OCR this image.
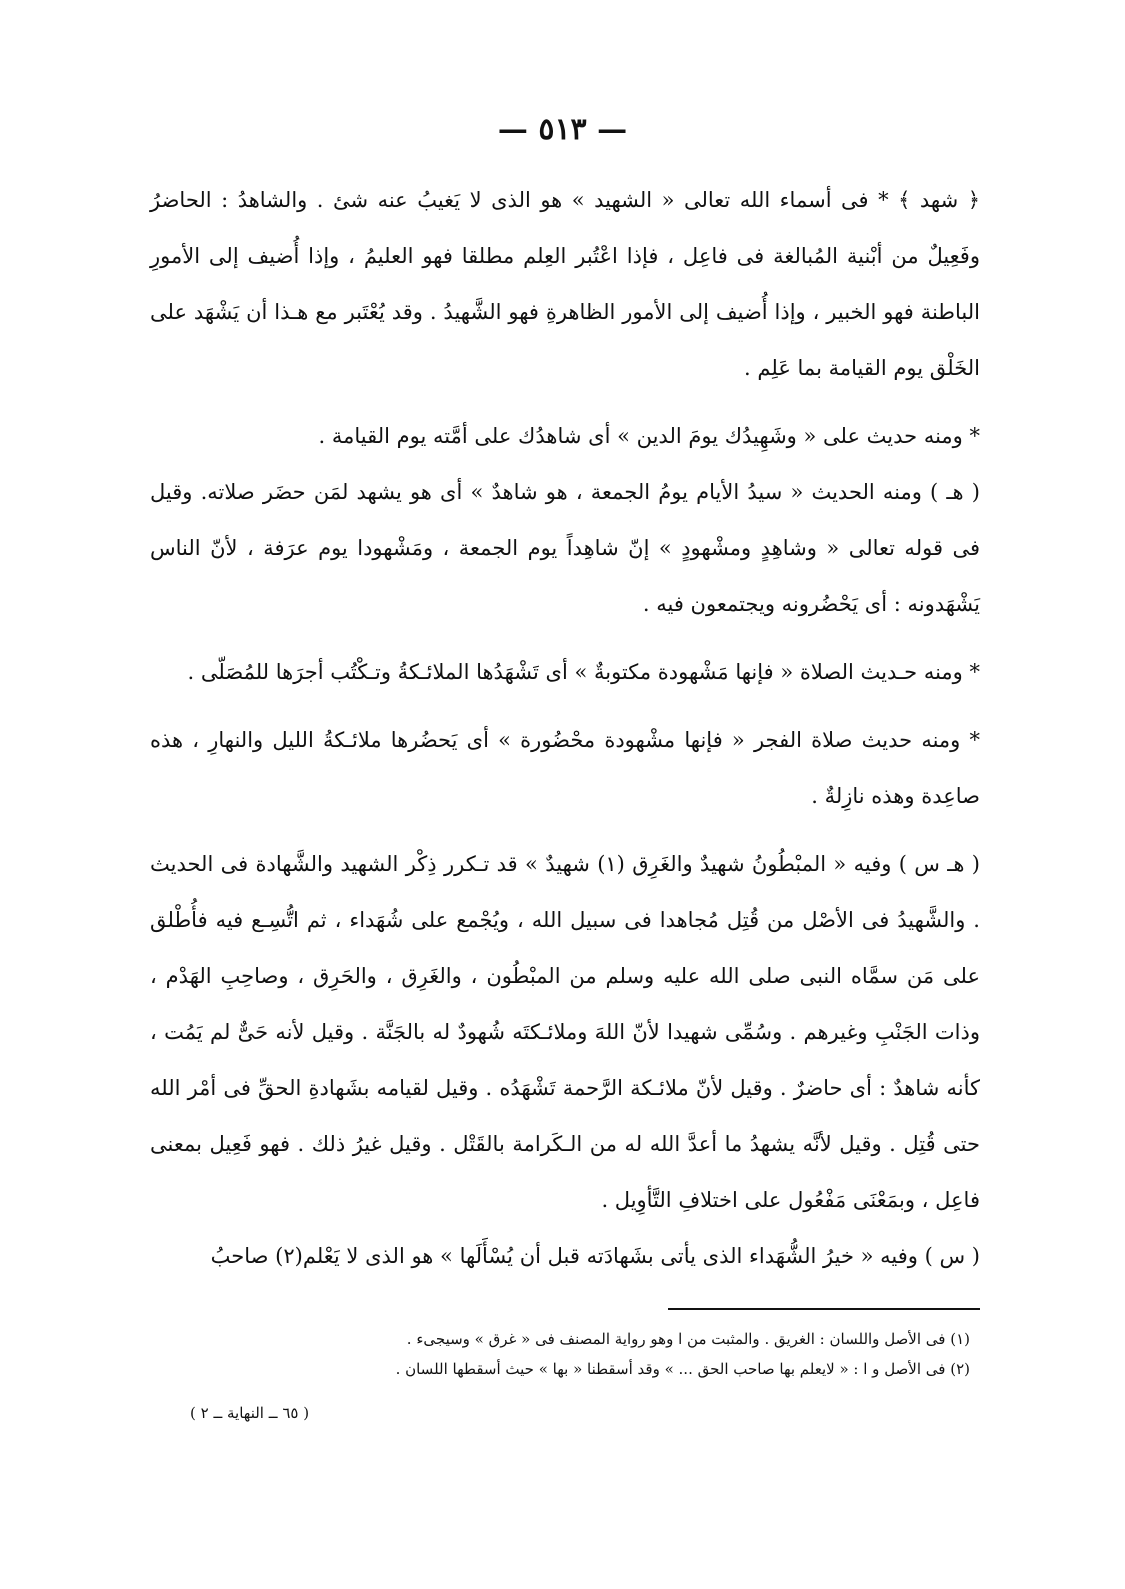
— ٥١٣ —

﴿ شهد ﴾ * فى أسماء الله تعالى « الشهيد » هو الذى لا يَغيبُ عنه شئ . والشاهدُ : الحاضرُ وفَعِيلٌ من أبْنية المُبالغة فى فاعِل ، فإذا اعْتُبر العِلم مطلقا فهو العليمُ ، وإذا أُضيف إلى الأمورِ الباطنة فهو الخبير ، وإذا أُضيف إلى الأمور الظاهرةِ فهو الشَّهيدُ . وقد يُعْتَبر مع هـذا أن يَشْهَد على الخَلْق يوم القيامة بما عَلِم .

* ومنه حديث على « وشَهِيدُك يومَ الدين » أى شاهدُك على أمَّته يوم القيامة .

( هـ ) ومنه الحديث « سيدُ الأيام يومُ الجمعة ، هو شاهدٌ » أى هو يشهد لمَن حضَر صلاته. وقيل فى قوله تعالى « وشاهِدٍ ومشْهودٍ » إنّ شاهِداً يوم الجمعة ، ومَشْهودا يوم عرَفة ، لأنّ الناس يَشْهَدونه : أى يَحْضُرونه ويجتمعون فيه .

* ومنه حـديث الصلاة « فإنها مَشْهودة مكتوبةٌ » أى تَشْهَدُها الملائـكةُ وتـكْتُب أجرَها للمُصَلّى .

* ومنه حديث صلاة الفجر « فإنها مشْهودة محْضُورة » أى يَحضُرها ملائـكةُ الليل والنهارِ ، هذه صاعِدة وهذه نازِلةٌ .

( هـ س ) وفيه « المبْطُونُ شهيدٌ والغَرِق (١) شهيدٌ » قد تـكرر ذِكْر الشهيد والشَّهادة فى الحديث . والشَّهيدُ فى الأصْل من قُتِل مُجاهدا فى سبيل الله ، ويُجْمع على شُهَداء ، ثم اتُّسِـع فيه فأُطْلق على مَن سمَّاه النبى صلى الله عليه وسلم من المبْطُون ، والغَرِق ، والحَرِق ، وصاحِبِ الهَدْم ، وذات الجَنْبِ وغيرهم . وسُمِّى شهيدا لأنّ اللهَ وملائـكتَه شُهودٌ له بالجَنَّة . وقيل لأنه حَىٌّ لم يَمُت ، كأنه شاهدٌ : أى حاضرٌ . وقيل لأنّ ملائـكة الرَّحمة تَشْهَدُه . وقيل لقيامه بشَهادةِ الحقِّ فى أمْر الله حتى قُتِل . وقيل لأنَّه يشهدُ ما أعدَّ الله له من الـكَرامة بالقَتْل . وقيل غيرُ ذلك . فهو فَعِيل بمعنى فاعِل ، وبمَعْنَى مَفْعُول على اختلافِ التَّأوِيل .

( س ) وفيه « خيرُ الشُّهَداء الذى يأتى بشَهادَته قبل أن يُسْأَلَها » هو الذى لا يَعْلم(٢) صاحبُ

(١) فى الأصل واللسان : الغريق . والمثبت من ا وهو رواية المصنف فى « غرق » وسيجىء .

(٢) فى الأصل و ا : « لايعلم بها صاحب الحق ... » وقد أسقطنا « بها » حيث أسقطها اللسان .

( ٦٥ ــ النهاية ــ ٢ )
